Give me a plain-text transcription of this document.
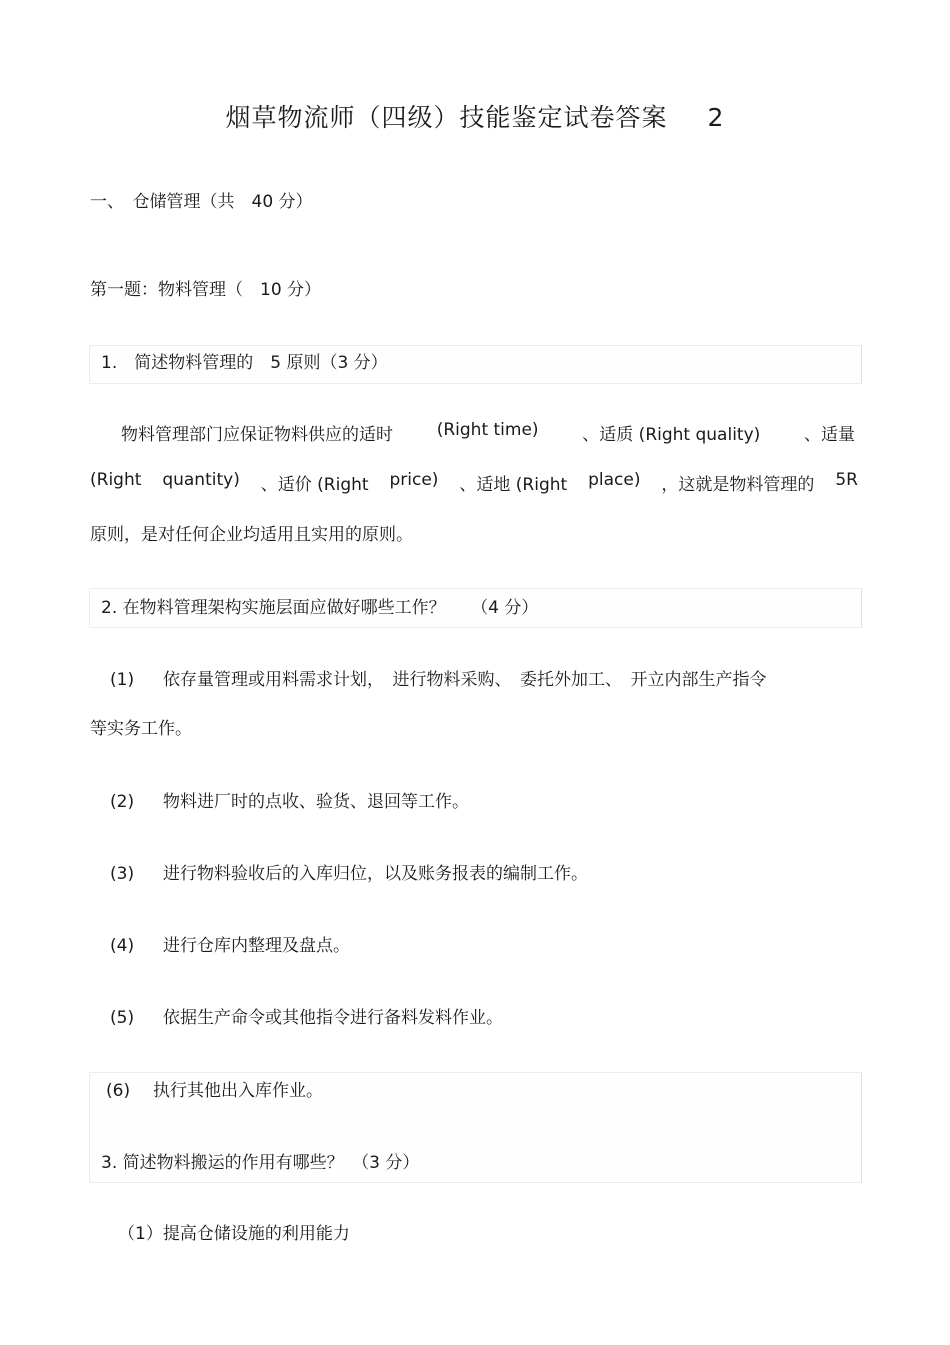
烟草物流师（四级）技能鉴定试卷答案 2
一、　仓储管理（共　40 分）
第一题：物料管理（　10 分）
1.　简述物料管理的　5 原则（3 分）
物料管理部门应保证物料供应的适时	(Right time)	、适质 (Right quality)	、适量
(Right quantity) 、适价 (Right price) 、适地 (Right place) ，这就是物料管理的 5R
原则，是对任何企业均适用且实用的原则。
2. 在物料管理架构实施层面应做好哪些工作？　　（4 分）
(1) 依存量管理或用料需求计划，　进行物料采购、　委托外加工、　开立内部生产指令
等实务工作。
(2) 物料进厂时的点收、验货、退回等工作。
(3) 进行物料验收后的入库归位，以及账务报表的编制工作。
(4) 进行仓库内整理及盘点。
(5) 依据生产命令或其他指令进行备料发料作业。
(6) 执行其他出入库作业。
3. 简述物料搬运的作用有哪些？　（3 分）
（1）提高仓储设施的利用能力
